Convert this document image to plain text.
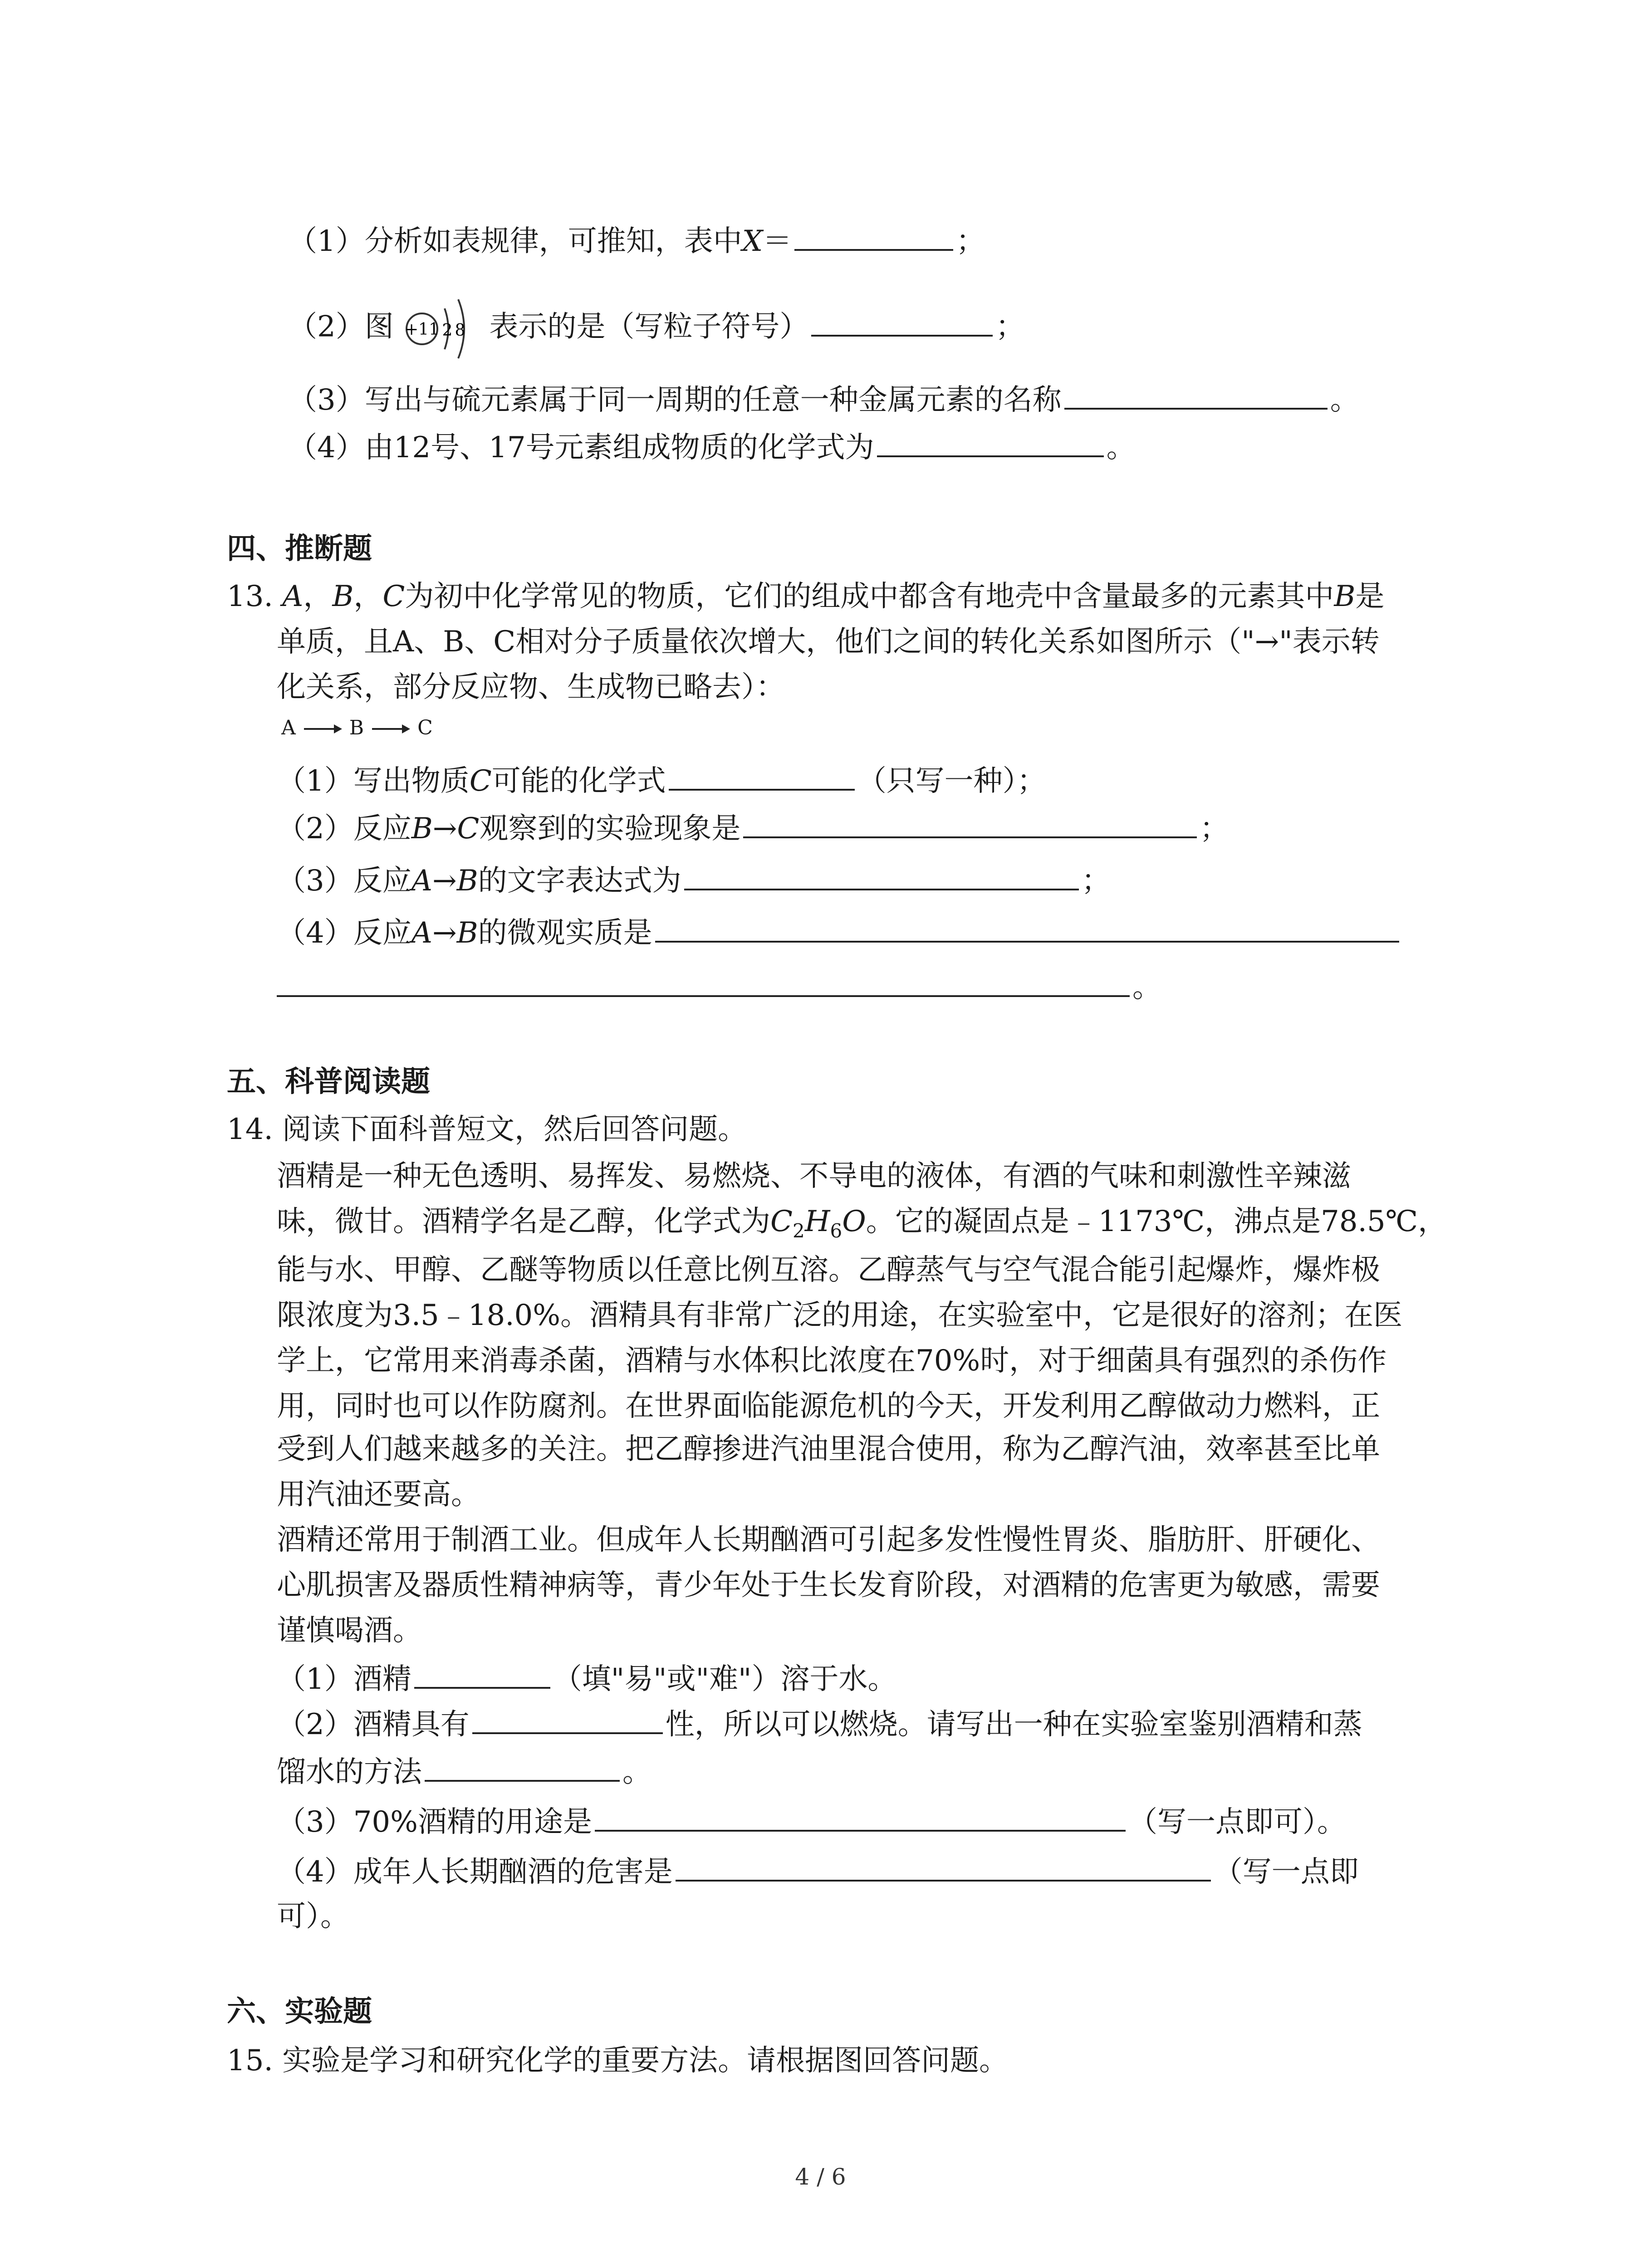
（1）分析如表规律，可推知，表中X＝	；
（2）图 +11 2 8 表示的是（写粒子符号）	；
（3）写出与硫元素属于同一周期的任意一种金属元素的名称	。
（4）由12号、17号元素组成物质的化学式为	。
四、推断题
13. A，B，C为初中化学常见的物质，它们的组成中都含有地壳中含量最多的元素其中B是
单质，且A、B、C相对分子质量依次增大，他们之间的转化关系如图所示（"→"表示转
化关系，部分反应物、生成物已略去）：
A	B	C
（1）写出物质C可能的化学式	（只写一种）；
（2）反应B→C观察到的实验现象是	；
（3）反应A→B的文字表达式为	；
（4）反应A→B的微观实质是
。
五、科普阅读题
14. 阅读下面科普短文，然后回答问题。
酒精是一种无色透明、易挥发、易燃烧、不导电的液体，有酒的气味和刺激性辛辣滋
味，微甘。酒精学名是乙醇，化学式为$C_2H_6O$。它的凝固点是﹣1173℃，沸点是78.5℃，
能与水、甲醇、乙醚等物质以任意比例互溶。乙醇蒸气与空气混合能引起爆炸，爆炸极
限浓度为3.5﹣18.0%。酒精具有非常广泛的用途，在实验室中，它是很好的溶剂；在医
学上，它常用来消毒杀菌，酒精与水体积比浓度在70%时，对于细菌具有强烈的杀伤作
用，同时也可以作防腐剂。在世界面临能源危机的今天，开发利用乙醇做动力燃料，正
受到人们越来越多的关注。把乙醇掺进汽油里混合使用，称为乙醇汽油，效率甚至比单
用汽油还要高。
酒精还常用于制酒工业。但成年人长期酗酒可引起多发性慢性胃炎、脂肪肝、肝硬化、
心肌损害及器质性精神病等，青少年处于生长发育阶段，对酒精的危害更为敏感，需要
谨慎喝酒。
（1）酒精	（填"易"或"难"）溶于水。
（2）酒精具有	性，所以可以燃烧。请写出一种在实验室鉴别酒精和蒸
馏水的方法	。
（3）70%酒精的用途是	（写一点即可）。
（4）成年人长期酗酒的危害是	（写一点即
可）。
六、实验题
15. 实验是学习和研究化学的重要方法。请根据图回答问题。
4 / 6
